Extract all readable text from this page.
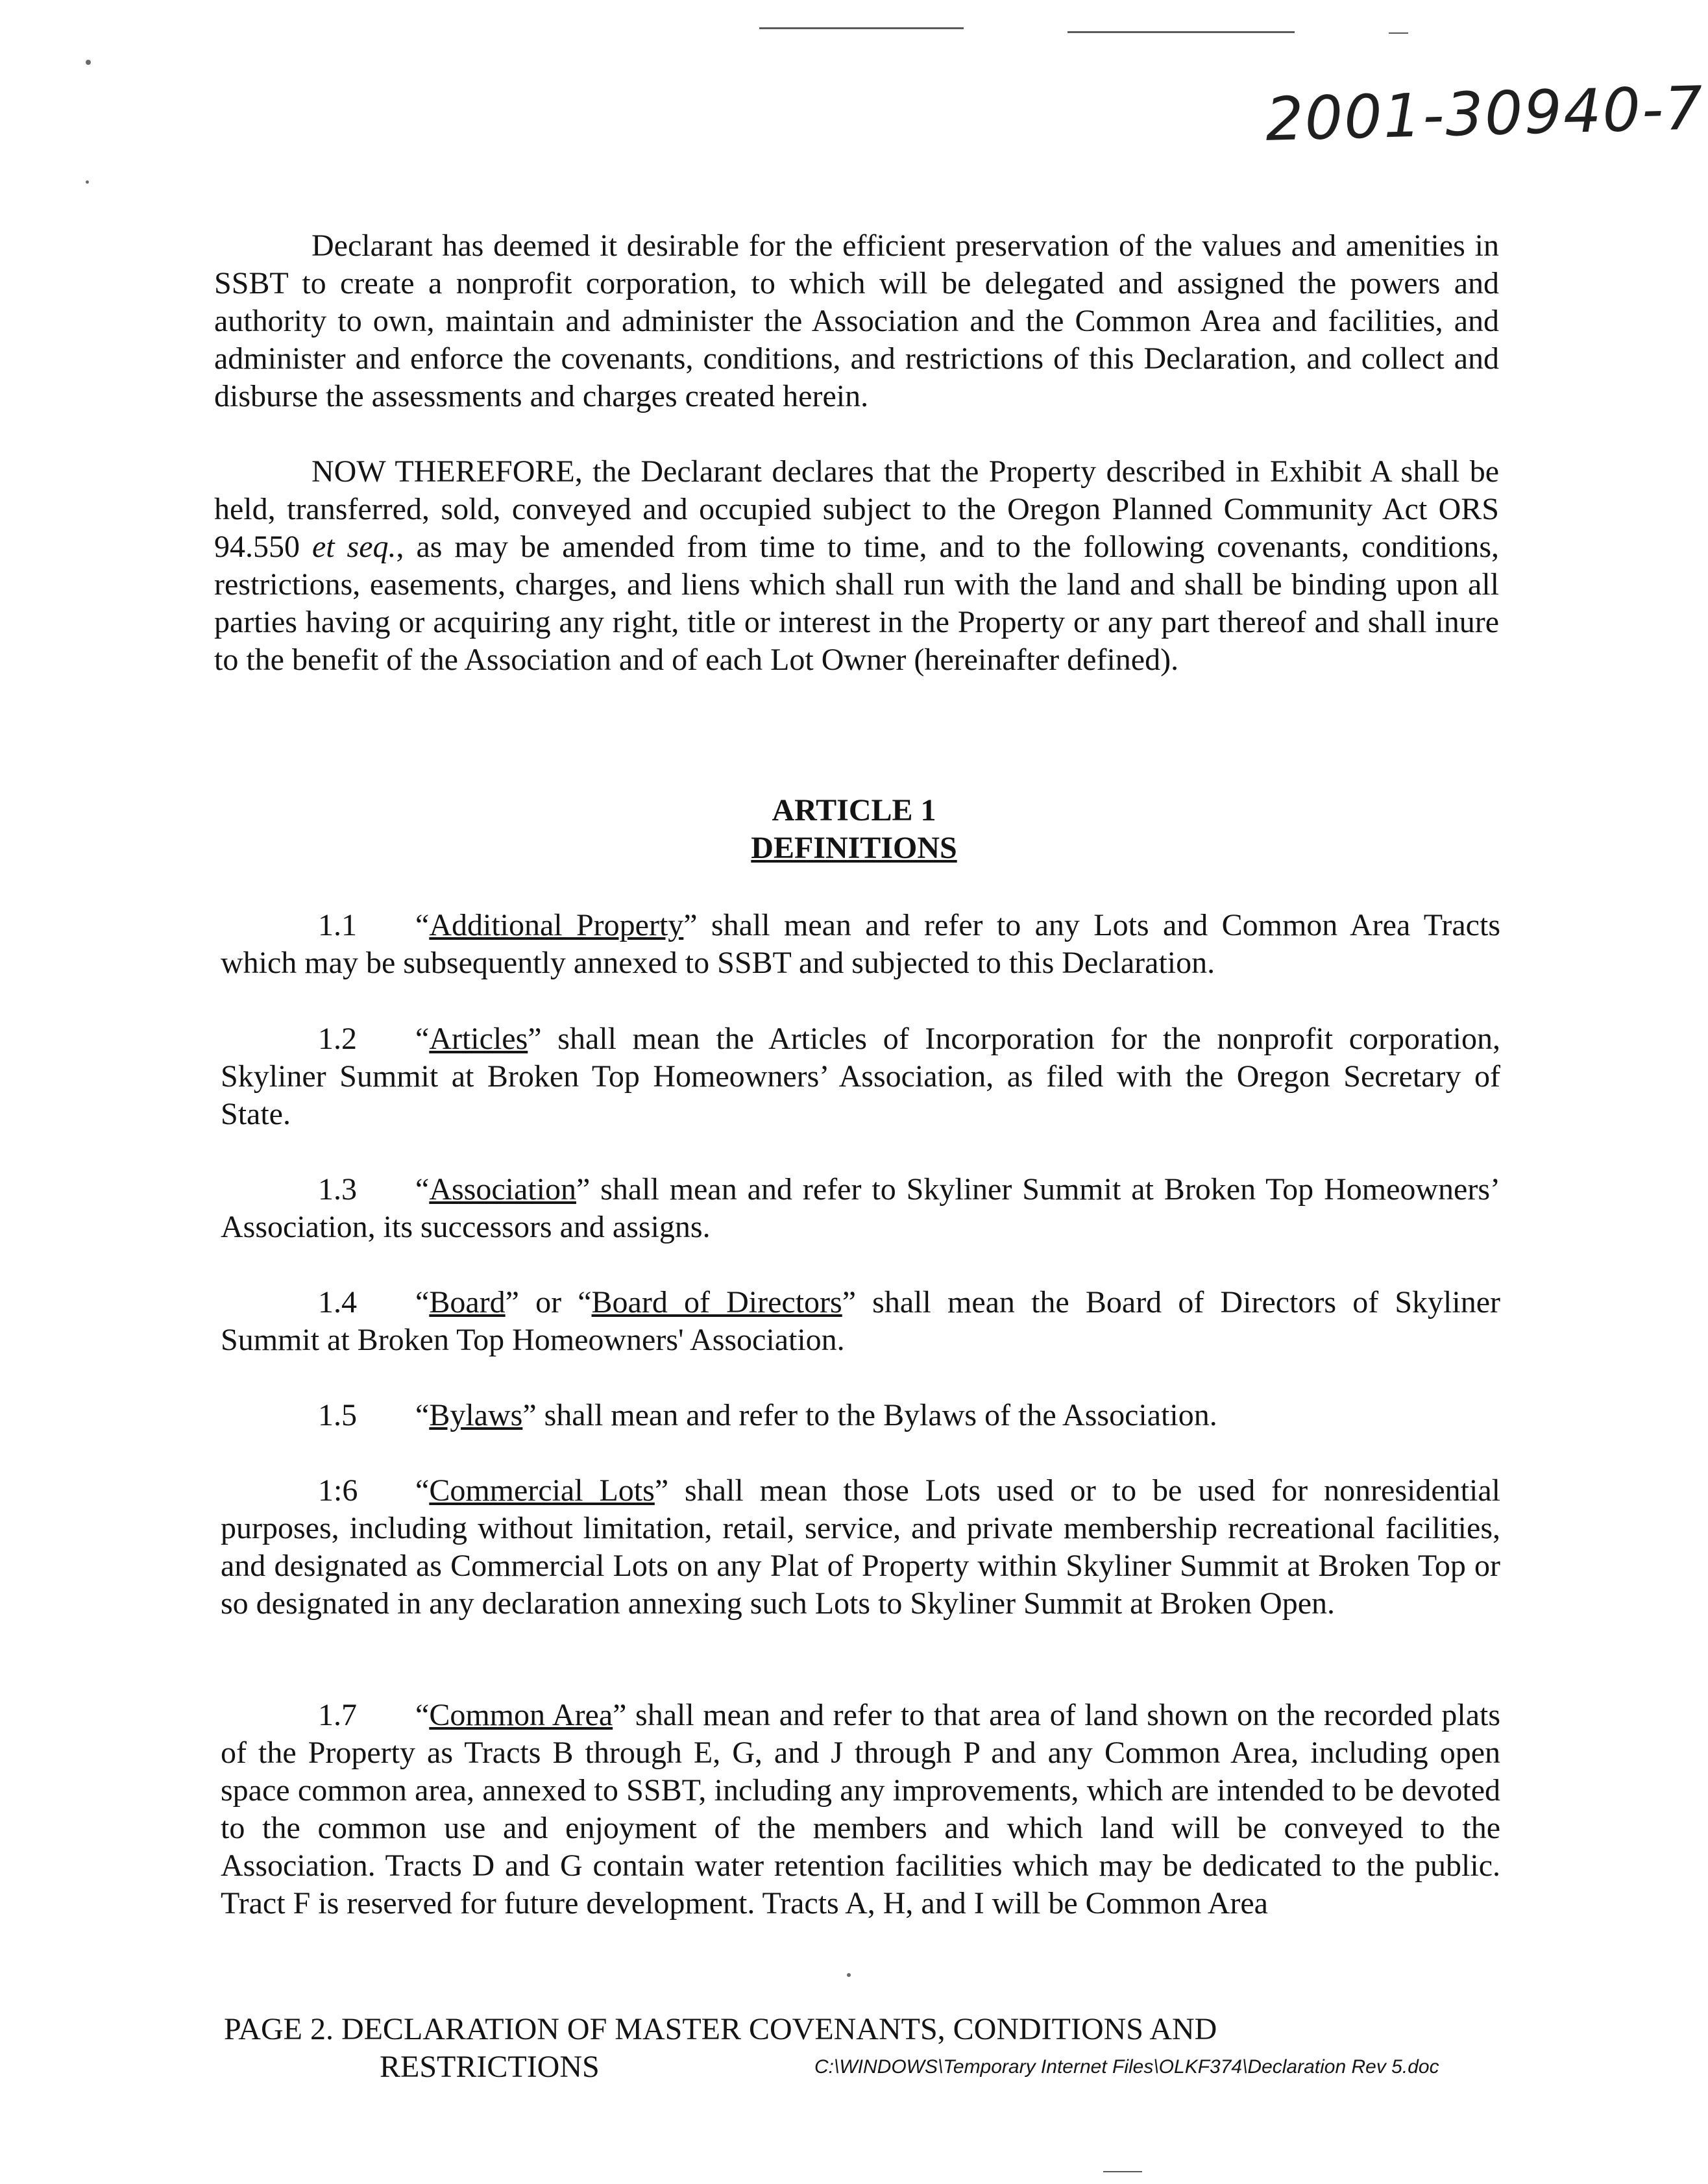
2001-30940-7

Declarant has deemed it desirable for the efficient preservation of the values and amenities in SSBT to create a nonprofit corporation, to which will be delegated and assigned the powers and authority to own, maintain and administer the Association and the Common Area and facilities, and administer and enforce the covenants, conditions, and restrictions of this Declaration, and collect and disburse the assessments and charges created herein.

NOW THEREFORE, the Declarant declares that the Property described in Exhibit A shall be held, transferred, sold, conveyed and occupied subject to the Oregon Planned Community Act ORS 94.550 et seq., as may be amended from time to time, and to the following covenants, conditions, restrictions, easements, charges, and liens which shall run with the land and shall be binding upon all parties having or acquiring any right, title or interest in the Property or any part thereof and shall inure to the benefit of the Association and of each Lot Owner (hereinafter defined).

ARTICLE 1
DEFINITIONS

1.1 “Additional Property” shall mean and refer to any Lots and Common Area Tracts which may be subsequently annexed to SSBT and subjected to this Declaration.

1.2 “Articles” shall mean the Articles of Incorporation for the nonprofit corporation, Skyliner Summit at Broken Top Homeowners’ Association, as filed with the Oregon Secretary of State.

1.3 “Association” shall mean and refer to Skyliner Summit at Broken Top Homeowners’ Association, its successors and assigns.

1.4 “Board” or “Board of Directors” shall mean the Board of Directors of Skyliner Summit at Broken Top Homeowners' Association.

1.5 “Bylaws” shall mean and refer to the Bylaws of the Association.

1:6 “Commercial Lots” shall mean those Lots used or to be used for nonresidential purposes, including without limitation, retail, service, and private membership recreational facilities, and designated as Commercial Lots on any Plat of Property within Skyliner Summit at Broken Top or so designated in any declaration annexing such Lots to Skyliner Summit at Broken Open.

1.7 “Common Area” shall mean and refer to that area of land shown on the recorded plats of the Property as Tracts B through E, G, and J through P and any Common Area, including open space common area, annexed to SSBT, including any improvements, which are intended to be devoted to the common use and enjoyment of the members and which land will be conveyed to the Association. Tracts D and G contain water retention facilities which may be dedicated to the public. Tract F is reserved for future development. Tracts A, H, and I will be Common Area

PAGE 2. DECLARATION OF MASTER COVENANTS, CONDITIONS AND
RESTRICTIONS	C:\WINDOWS\Temporary Internet Files\OLKF374\Declaration Rev 5.doc
